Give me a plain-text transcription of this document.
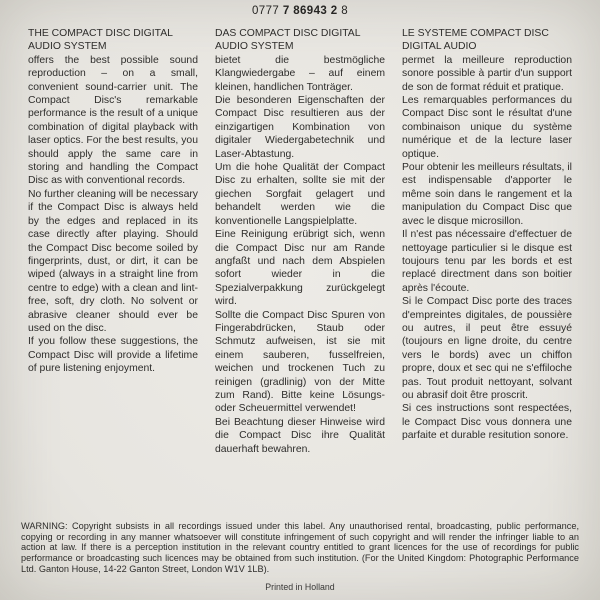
0777 7 86943 2 8

THE COMPACT DISC DIGITAL AUDIO SYSTEM

offers the best possible sound reproduction – on a small, convenient sound-carrier unit. The Compact Disc's remarkable performance is the result of a unique combination of digital playback with laser optics. For the best results, you should apply the same care in storing and handling the Compact Disc as with conventional records.

No further cleaning will be necessary if the Compact Disc is always held by the edges and replaced in its case directly after playing. Should the Compact Disc become soiled by fingerprints, dust, or dirt, it can be wiped (always in a straight line from centre to edge) with a clean and lint-free, soft, dry cloth. No solvent or abrasive cleaner should ever be used on the disc.

If you follow these suggestions, the Compact Disc will provide a lifetime of pure listening enjoyment.

DAS COMPACT DISC DIGITAL AUDIO SYSTEM

bietet die bestmögliche Klangwiedergabe – auf einem kleinen, handlichen Tonträger.

Die besonderen Eigenschaften der Compact Disc resultieren aus der einzigartigen Kombination von digitaler Wiedergabetechnik und Laser-Abtastung.

Um die hohe Qualität der Compact Disc zu erhalten, sollte sie mit der giechen Sorgfait gelagert und behandelt werden wie die konventionelle Langspielplatte.

Eine Reinigung erübrigt sich, wenn die Compact Disc nur am Rande angfaßt und nach dem Abspielen sofort wieder in die Spezialverpakkung zurückgelegt wird.

Sollte die Compact Disc Spuren von Fingerabdrücken, Staub oder Schmutz aufweisen, ist sie mit einem sauberen, fusselfreien, weichen und trockenen Tuch zu reinigen (gradlinig) von der Mitte zum Rand). Bitte keine Lösungs- oder Scheuermittel verwendet!

Bei Beachtung dieser Hinweise wird die Compact Disc ihre Qualität dauerhaft bewahren.

LE SYSTEME COMPACT DISC DIGITAL AUDIO

permet la meilleure reproduction sonore possible à partir d'un support de son de format réduit et pratique.

Les remarquables performances du Compact Disc sont le résultat d'une combinaison unique du système numérique et de la lecture laser optique.

Pour obtenir les meilleurs résultats, il est indispensable d'apporter le même soin dans le rangement et la manipulation du Compact Disc que avec le disque microsillon.

Il n'est pas nécessaire d'effectuer de nettoyage particulier si le disque est toujours tenu par les bords et est replacé directment dans son boitier après l'écoute.

Si le Compact Disc porte des traces d'empreintes digitales, de poussière ou autres, il peut être essuyé (toujours en ligne droite, du centre vers le bords) avec un chiffon propre, doux et sec qui ne s'effiloche pas. Tout produit nettoyant, solvant ou abrasif doit être proscrit.

Si ces instructions sont respectées, le Compact Disc vous donnera une parfaite et durable resitution sonore.

WARNING: Copyright subsists in all recordings issued under this label. Any unauthorised rental, broadcasting, public performance, copying or recording in any manner whatsoever will constitute infringement of such copyright and will render the infringer liable to an action at law. If there is a perception institution in the relevant country entitled to grant licences for the use of recordings for public performance or broadcasting such licences may be obtained from such institution. (For the United Kingdom: Photographic Performance Ltd. Ganton House, 14-22 Ganton Street, London W1V 1LB).
Printed in Holland
